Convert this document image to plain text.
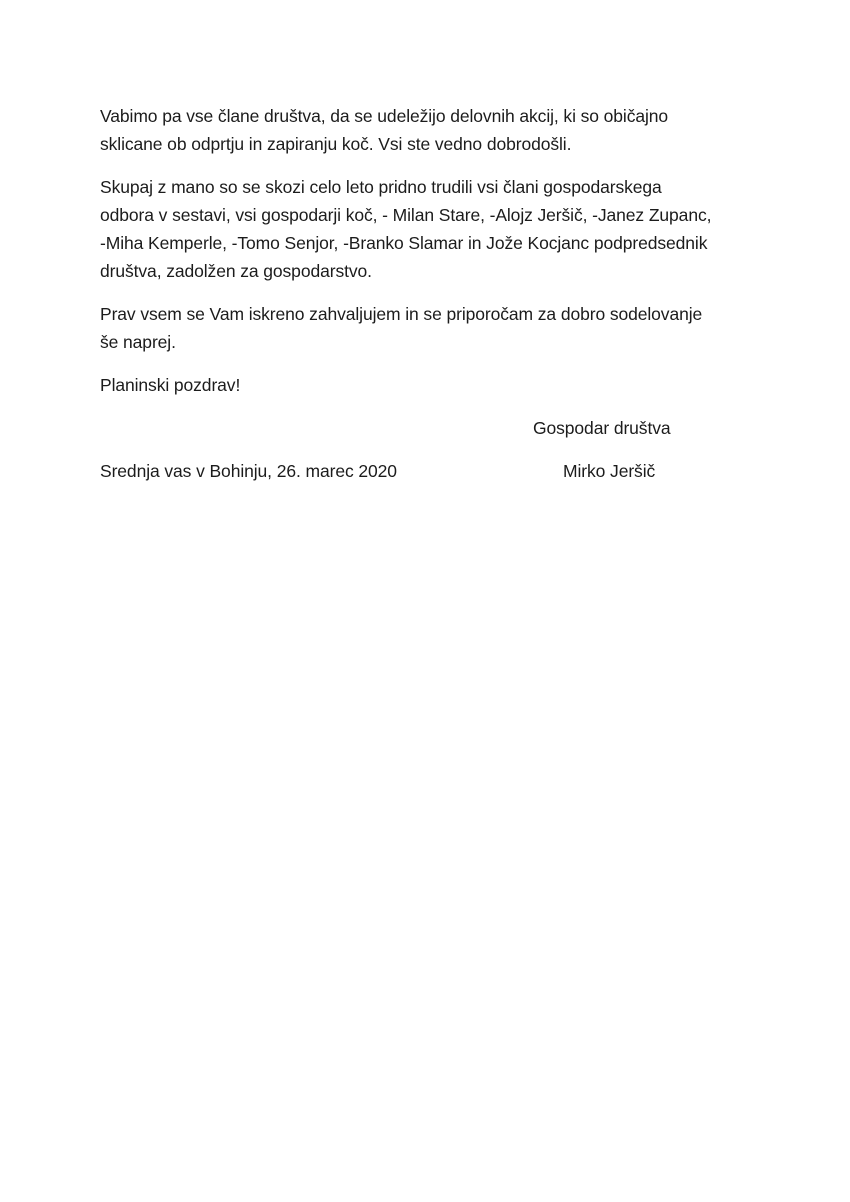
Vabimo pa vse člane društva, da se udeležijo delovnih akcij, ki so običajno
sklicane ob odprtju in zapiranju koč. Vsi ste vedno dobrodošli.
Skupaj z mano so se skozi celo leto pridno trudili vsi člani gospodarskega
odbora v sestavi, vsi gospodarji koč, - Milan Stare, -Alojz Jeršič, -Janez Zupanc,
-Miha Kemperle, -Tomo Senjor, -Branko Slamar in Jože Kocjanc podpredsednik
društva, zadolžen za gospodarstvo.
Prav vsem se Vam iskreno zahvaljujem in se priporočam za dobro sodelovanje
še naprej.
Planinski pozdrav!
Gospodar društva
Srednja vas v Bohinju, 26. marec 2020	Mirko Jeršič
